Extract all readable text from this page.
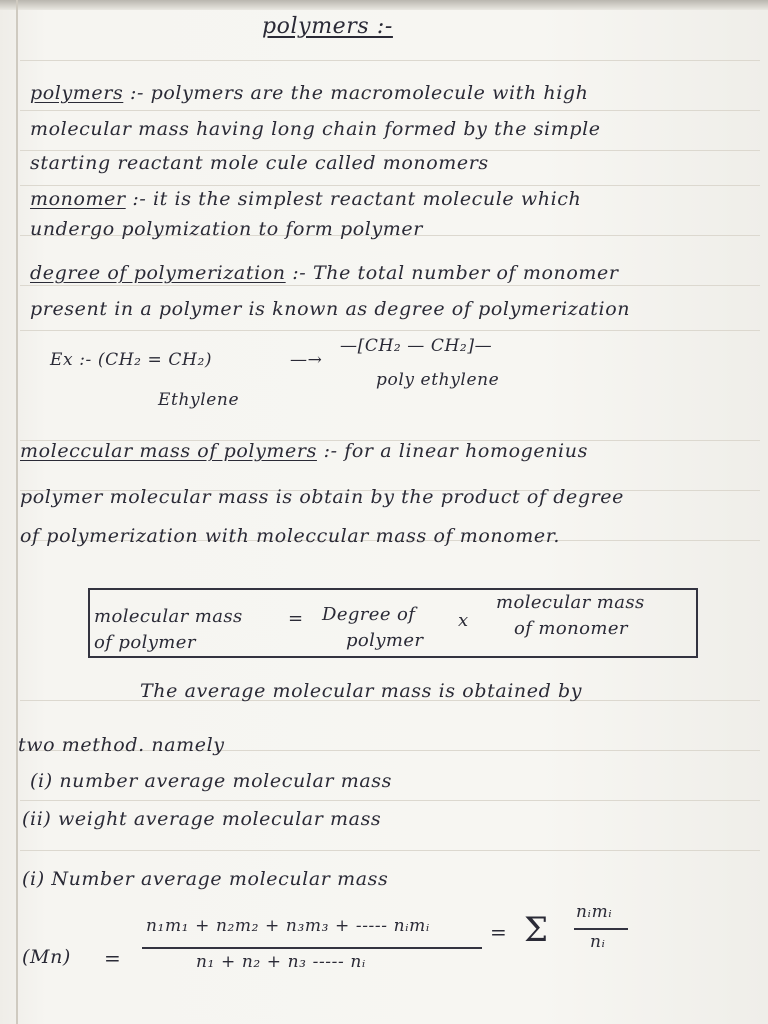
polymers :-
polymers :- polymers are the macromolecule with high
molecular mass having long chain formed by the simple
starting reactant mole cule called monomers
monomer :- it is the simplest reactant molecule which
undergo polymization to form polymer
degree of polymerization :- The total number of monomer
present in a polymer is known as degree of polymerization
Ex :- (CH₂ = CH₂)	—→
—[CH₂ — CH₂]—
Ethylene
poly ethylene
moleccular mass of polymers :- for a linear homogenius
polymer molecular mass is obtain by the product of degree
of polymerization with moleccular mass of monomer.
molecular mass
of polymer
= Degree of
polymer
x
molecular mass
of monomer
The average molecular mass is obtained by
two method. namely
(i) number average molecular mass
(ii) weight average molecular mass
(i) Number average molecular mass
(Mn) =
n₁m₁ + n₂m₂ + n₃m₃ + ----- nᵢmᵢ
n₁ + n₂ + n₃ ----- nᵢ
= Σ nᵢmᵢ
nᵢ
